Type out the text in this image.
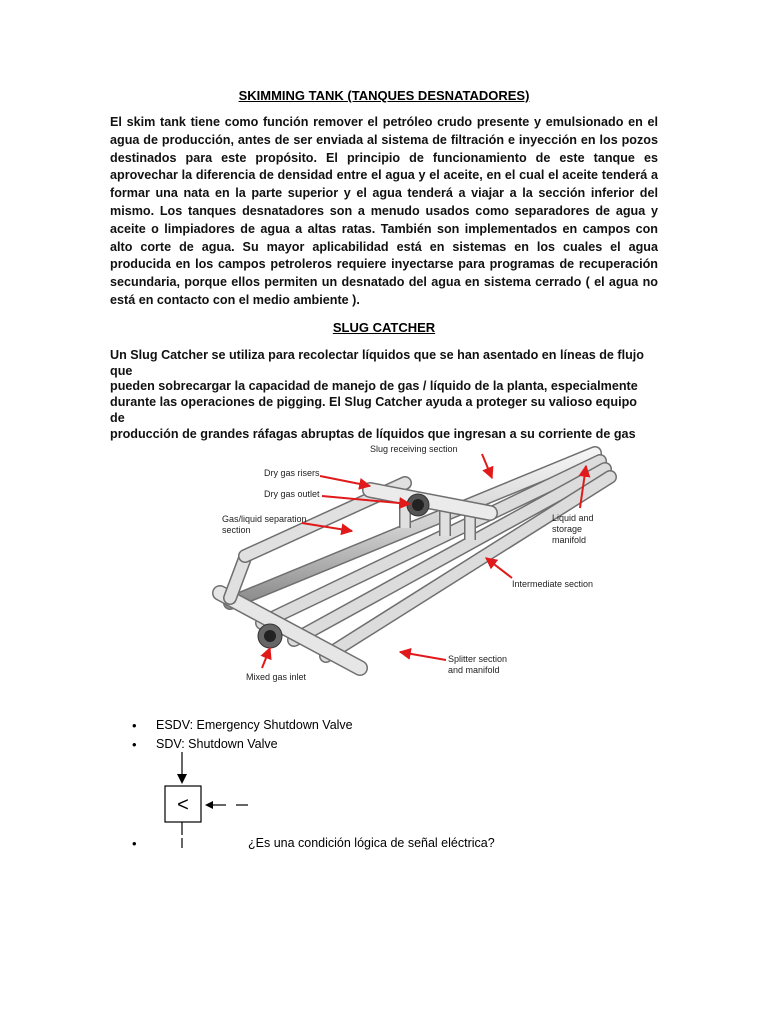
SKIMMING TANK (TANQUES DESNATADORES)

El skim tank tiene como función remover el petróleo crudo presente y emulsionado en el agua de producción, antes de ser enviada al sistema de filtración e inyección en los pozos destinados para este propósito. El principio de funcionamiento de este tanque es aprovechar la diferencia de densidad entre el agua y el aceite, en el cual el aceite tenderá a formar una nata en la parte superior y el agua tenderá a viajar a la sección inferior del mismo. Los tanques desnatadores son a menudo usados como separadores de agua y aceite o limpiadores de agua a altas ratas. También son implementados en campos con alto corte de agua. Su mayor aplicabilidad está en sistemas en los cuales el agua producida en los campos petroleros requiere inyectarse para programas de recuperación secundaria, porque ellos permiten un desnatado del agua en sistema cerrado ( el agua no está en contacto con el medio ambiente ).

SLUG CATCHER
Un Slug Catcher se utiliza para recolectar líquidos que se han asentado en líneas de flujo que
pueden sobrecargar la capacidad de manejo de gas / líquido de la planta, especialmente
durante las operaciones de pigging. El Slug Catcher ayuda a proteger su valioso equipo de
producción de grandes ráfagas abruptas de líquidos que ingresan a su corriente de gas
Slug receiving section
Dry gas risers
Dry gas outlet
Gas/liquid separation
section
Liquid and
storage
manifold
Intermediate section
Splitter section
and manifold
Mixed gas inlet
• ESDV: Emergency Shutdown Valve
• SDV: Shutdown Valve
<
•	¿Es una condición lógica de señal eléctrica?
